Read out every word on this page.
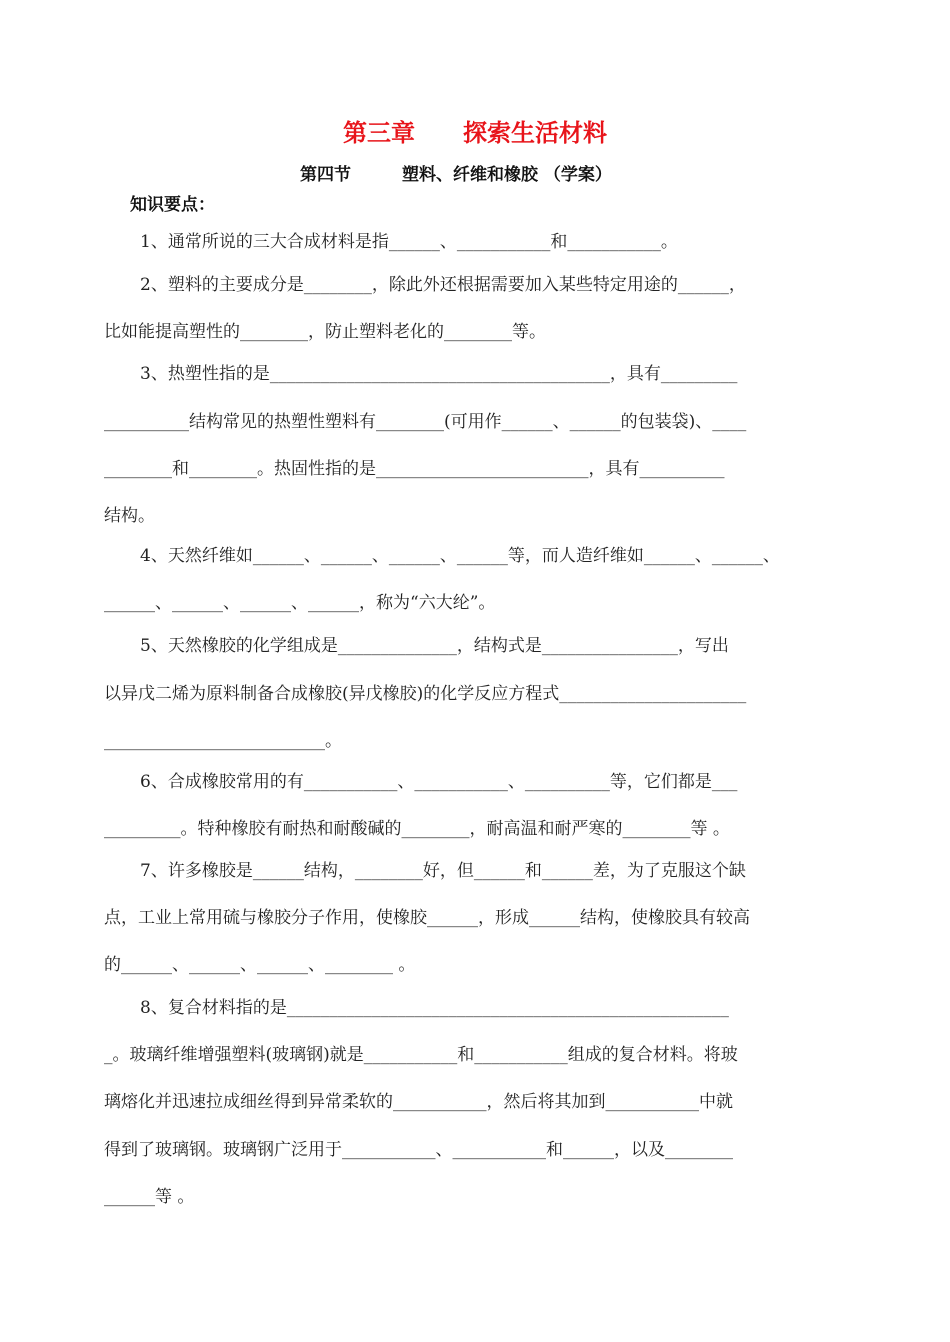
第三章　　探索生活材料
第四节　　　塑料、纤维和橡胶 （学案）
知识要点：
1、通常所说的三大合成材料是指______、___________和___________。
2、塑料的主要成分是________，除此外还根据需要加入某些特定用途的______，
比如能提高塑性的________，防止塑料老化的________等。
3、热塑性指的是________________________________________，具有_________
__________结构常见的热塑性塑料有________(可用作______、______的包装袋)、____
________和________。热固性指的是_________________________，具有__________
结构。
4、天然纤维如______、______、______、______等，而人造纤维如______、______、
______、______、______、______，称为“六大纶”。
5、天然橡胶的化学组成是______________，结构式是________________，写出
以异戊二烯为原料制备合成橡胶(异戊橡胶)的化学反应方程式______________________
__________________________。
6、合成橡胶常用的有___________、___________、__________等，它们都是___
_________。特种橡胶有耐热和耐酸碱的________，耐高温和耐严寒的________等 。
7、许多橡胶是______结构，________好，但______和______差，为了克服这个缺
点，工业上常用硫与橡胶分子作用，使橡胶______，形成______结构，使橡胶具有较高
的______、______、______、________ 。
8、复合材料指的是____________________________________________________
_。玻璃纤维增强塑料(玻璃钢)就是___________和___________组成的复合材料。将玻
璃熔化并迅速拉成细丝得到异常柔软的___________，然后将其加到___________中就
得到了玻璃钢。玻璃钢广泛用于___________、___________和______，以及________
______等 。
